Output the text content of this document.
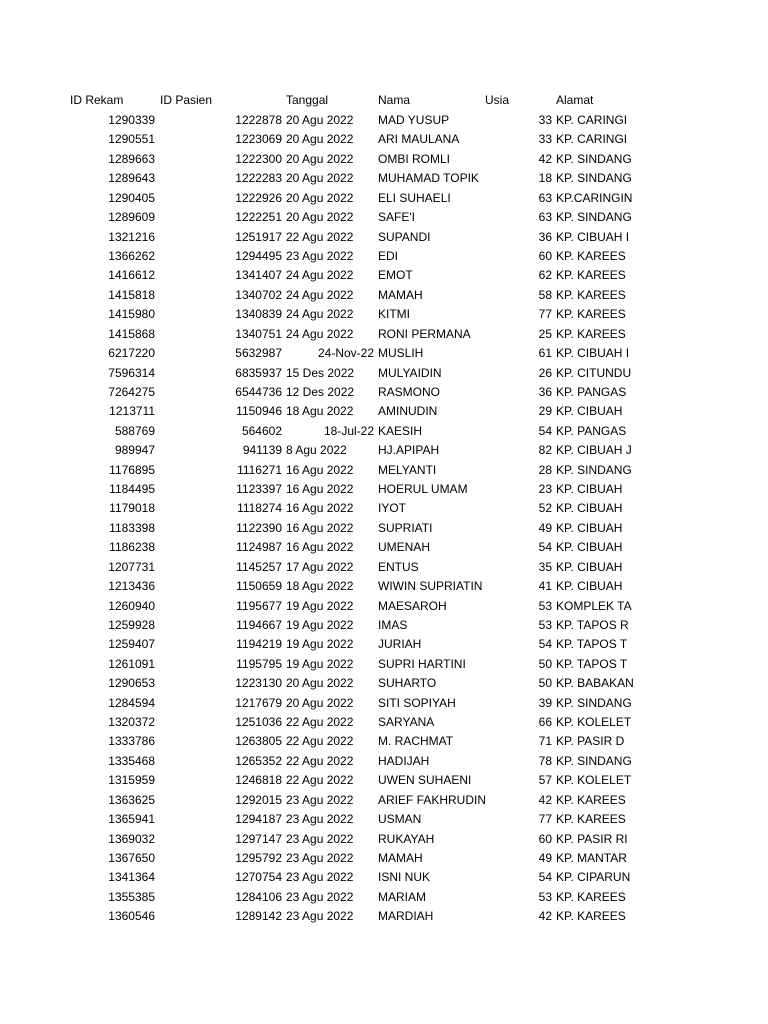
ID Rekam	ID Pasien	Tanggal	Nama	Usia	Alamat
1290339	1222878 20 Agu 2022	MAD YUSUP	33 KP. CARINGI
1290551	1223069 20 Agu 2022	ARI MAULANA	33 KP. CARINGI
1289663	1222300 20 Agu 2022	OMBI ROMLI	42 KP. SINDANG
1289643	1222283 20 Agu 2022	MUHAMAD TOPIK	18 KP. SINDANG
1290405	1222926 20 Agu 2022	ELI SUHAELI	63 KP.CARINGIN
1289609	1222251 20 Agu 2022	SAFE'I	63 KP. SINDANG
1321216	1251917 22 Agu 2022	SUPANDI	36 KP. CIBUAH I
1366262	1294495 23 Agu 2022	EDI	60 KP. KAREES
1416612	1341407 24 Agu 2022	EMOT	62 KP. KAREES
1415818	1340702 24 Agu 2022	MAMAH	58 KP. KAREES
1415980	1340839 24 Agu 2022	KITMI	77 KP. KAREES
1415868	1340751 24 Agu 2022	RONI PERMANA	25 KP. KAREES
6217220	5632987	24-Nov-22 MUSLIH	61 KP. CIBUAH I
7596314	6835937 15 Des 2022	MULYAIDIN	26 KP. CITUNDU
7264275	6544736 12 Des 2022	RASMONO	36 KP. PANGAS
1213711	1150946 18 Agu 2022	AMINUDIN	29 KP. CIBUAH
588769	564602	18-Jul-22 KAESIH	54 KP. PANGAS
989947	941139 8 Agu 2022	HJ.APIPAH	82 KP. CIBUAH J
1176895	1116271 16 Agu 2022	MELYANTI	28 KP. SINDANG
1184495	1123397 16 Agu 2022	HOERUL UMAM	23 KP. CIBUAH
1179018	1118274 16 Agu 2022	IYOT	52 KP. CIBUAH
1183398	1122390 16 Agu 2022	SUPRIATI	49 KP. CIBUAH
1186238	1124987 16 Agu 2022	UMENAH	54 KP. CIBUAH
1207731	1145257 17 Agu 2022	ENTUS	35 KP. CIBUAH
1213436	1150659 18 Agu 2022	WIWIN SUPRIATIN	41 KP. CIBUAH
1260940	1195677 19 Agu 2022	MAESAROH	53 KOMPLEK TA
1259928	1194667 19 Agu 2022	IMAS	53 KP. TAPOS R
1259407	1194219 19 Agu 2022	JURIAH	54 KP. TAPOS T
1261091	1195795 19 Agu 2022	SUPRI HARTINI	50 KP. TAPOS T
1290653	1223130 20 Agu 2022	SUHARTO	50 KP. BABAKAN
1284594	1217679 20 Agu 2022	SITI SOPIYAH	39 KP. SINDANG
1320372	1251036 22 Agu 2022	SARYANA	66 KP. KOLELET
1333786	1263805 22 Agu 2022	M. RACHMAT	71 KP. PASIR D
1335468	1265352 22 Agu 2022	HADIJAH	78 KP. SINDANG
1315959	1246818 22 Agu 2022	UWEN SUHAENI	57 KP. KOLELET
1363625	1292015 23 Agu 2022	ARIEF FAKHRUDIN	42 KP. KAREES
1365941	1294187 23 Agu 2022	USMAN	77 KP. KAREES
1369032	1297147 23 Agu 2022	RUKAYAH	60 KP. PASIR RI
1367650	1295792 23 Agu 2022	MAMAH	49 KP. MANTAR
1341364	1270754 23 Agu 2022	ISNI NUK	54 KP. CIPARUN
1355385	1284106 23 Agu 2022	MARIAM	53 KP. KAREES
1360546	1289142 23 Agu 2022	MARDIAH	42 KP. KAREES
